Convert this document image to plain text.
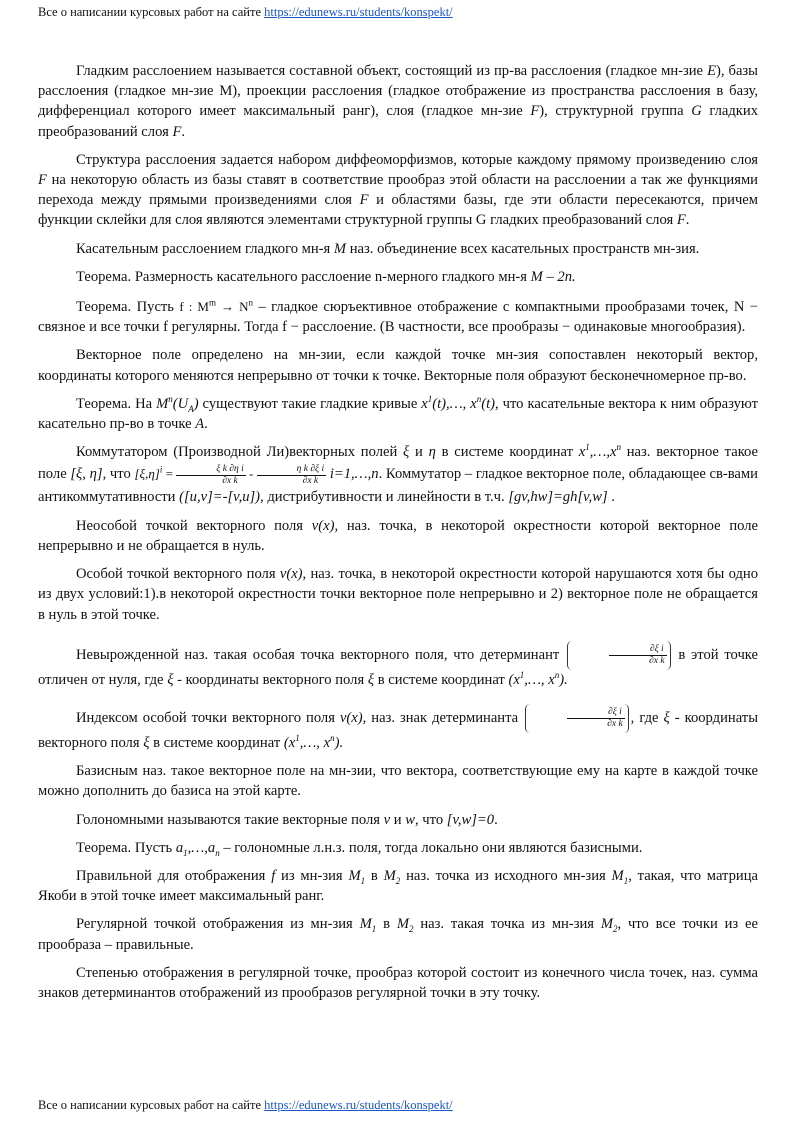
Все о написании курсовых работ на сайте https://edunews.ru/students/konspekt/

Гладким расслоением называется составной объект, состоящий из пр-ва расслоения (гладкое мн-зие E), базы расслоения (гладкое мн-зие М), проекции расслоения (гладкое отображение из пространства расслоения в базу, дифференциал которого имеет максимальный ранг), слоя (гладкое мн-зие F), структурной группа G гладких преобразований слоя F.

Структура расслоения задается набором диффеоморфизмов, которые каждому прямому произведению слоя F на некоторую область из базы ставят в соответствие прообраз этой области на расслоении а так же функциями перехода между прямыми произведениями слоя F и областями базы, где эти области пересекаются, причем функции склейки для слоя являются элементами структурной группы G гладких преобразований слоя F.

Касательным расслоением гладкого мн-я M наз. объединение всех касательных пространств мн-зия.

Теорема. Размерность касательного расслоение n-мерного гладкого мн-я M – 2n.

Теорема. Пусть f : $M^m \to N^n$ – гладкое сюръективное отображение с компактными прообразами точек, N − связное и все точки f регулярны. Тогда f − расслоение. (В частности, все прообразы − одинаковые многообразия).

Векторное поле определено на мн-зии, если каждой точке мн-зия сопоставлен некоторый вектор, координаты которого меняются непрерывно от точки к точке. Векторные поля образуют бесконечномерное пр-во.

Теорема. На $M^n(U_A)$ существуют такие гладкие кривые $x^1(t),\dots$, $x^n(t)$, что касательные вектора к ним образуют касательно пр-во в точке A.

Коммутатором (Производной Ли)векторных полей ξ и η в системе координат $x^1,\dots,x^n$ наз. векторное такое поле [ξ, η], что $[\xi,\eta]^i = \frac{\text{ξ k ∂η i}}{\text{∂x k}} - \frac{\text{η k ∂ξ i}}{\text{∂x k}}$ i=1,…,n. Коммутатор – гладкое векторное поле, обладающее св-вами антикоммутативности ([u,v]=-[v,u]), дистрибутивности и линейности в т.ч. [gv,hw]=gh[v,w] .

Неособой точкой векторного поля v(x), наз. точка, в некоторой окрестности которой векторное поле непрерывно и не обращается в нуль.

Особой точкой векторного поля v(x), наз. точка, в некоторой окрестности которой нарушаются хотя бы одно из двух условий:1).в некоторой окрестности точки векторное поле непрерывно и 2) векторное поле не обращается в нуль в этой точке.

Невырожденной наз. такая особая точка векторного поля, что детерминант	$\frac{\text{∂ξ i}}{\text{∂x k}}$ в этой точке отличен от нуля, где ξ - координаты векторного поля ξ в системе координат ($x^1,\dots$, $x^n$).

Индексом особой точки векторного поля v(x), наз. знак детерминанта	$\frac{\text{∂ξ i}}{\text{∂x k}}$ , где ξ - координаты векторного поля ξ в системе координат ($x^1,\dots$, $x^n$).

Базисным наз. такое векторное поле на мн-зии, что вектора, соответствующие ему на карте в каждой точке можно дополнить до базиса на этой карте.

Голономными называются такие векторные поля v и w, что [v,w]=0.

Теорема. Пусть $a_1,\dots,a_n$ – голономные л.н.з. поля, тогда локально они являются базисными.

Правильной для отображения f из мн-зия $M_1$ в $M_2$ наз. точка из исходного мн-зия $M_1$, такая, что матрица Якоби в этой точке имеет максимальный ранг.

Регулярной точкой отображения из мн-зия $M_1$ в $M_2$ наз. такая точка из мн-зия $M_2$, что все точки из ее прообраза – правильные.

Степенью отображения в регулярной точке, прообраз которой состоит из конечного числа точек, наз. сумма знаков детерминантов отображений из прообразов регулярной точки в эту точку.

Все о написании курсовых работ на сайте https://edunews.ru/students/konspekt/
